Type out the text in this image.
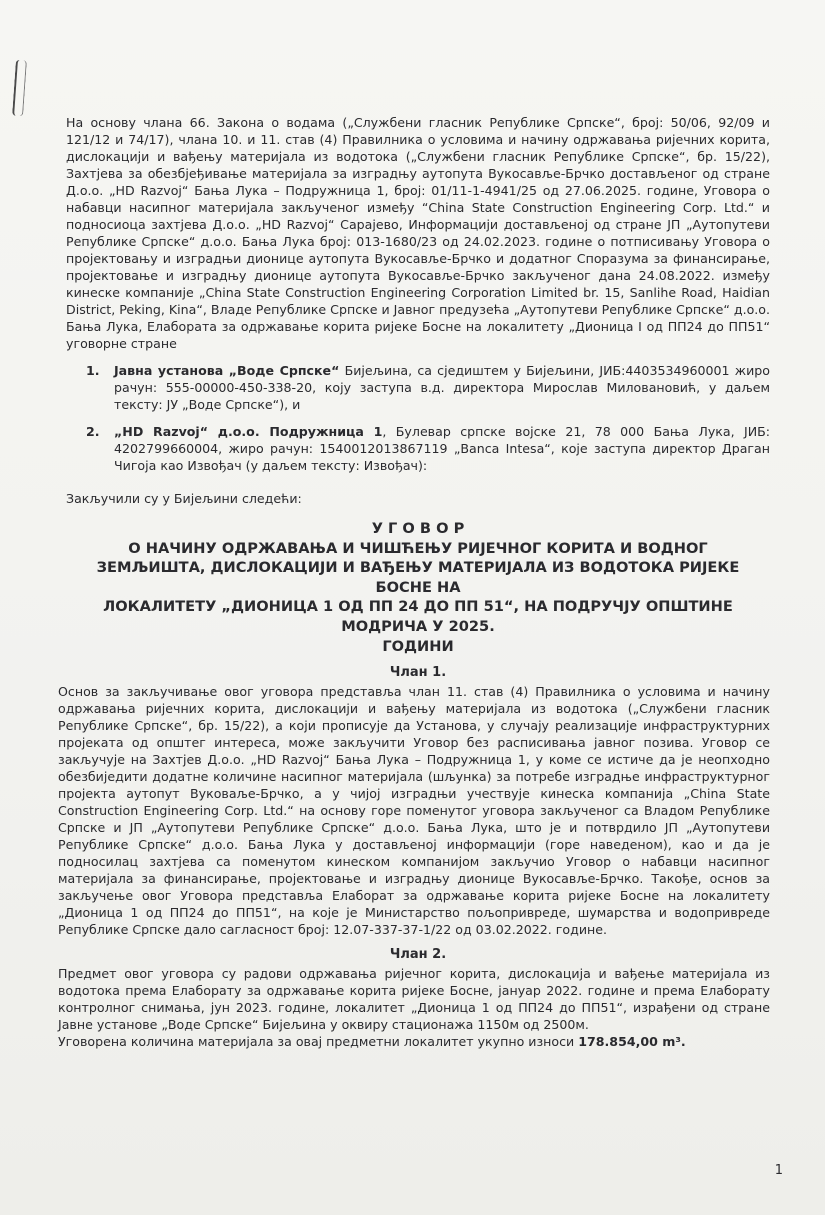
На основу члана 66. Закона о водама („Службени гласник Републике Српске“, број: 50/06, 92/09 и 121/12 и 74/17), члана 10. и 11. став (4) Правилника о условима и начину одржавања ријечних корита, дислокацији и вађењу материјала из водотока („Службени гласник Републике Српске“, бр. 15/22), Захтјева за обезбјеђивање материјала за изградњу аутопута Вукосавље-Брчко достављеног од стране Д.о.о. „HD Razvoj“ Бања Лука – Подружница 1, број: 01/11-1-4941/25 од 27.06.2025. године, Уговора о набавци насипног материјала закљученог између “China State Construction Engineering Corp. Ltd.“ и подносиоца захтјева Д.о.о. „HD Razvoj“ Сарајево, Информацији достављеној од стране ЈП „Аутопутеви Републике Српске“ д.о.о. Бања Лука број: 013-1680/23 од 24.02.2023. године о потписивању Уговора о пројектовању и изградњи дионице аутопута Вукосавље-Брчко и додатног Споразума за финансирање, пројектовање и изградњу дионице аутопута Вукосавље-Брчко закљученог дана 24.08.2022. између кинеске компаније „China State Construction Engineering Corporation Limited br. 15, Sanlihe Road, Haidian District, Peking, Kina“, Владе Републике Српске и Јавног предузећа „Аутопутеви Републике Српске“ д.о.о. Бања Лука, Елабората за одржавање корита ријеке Босне на локалитету „Дионица I од ПП24 до ПП51“ уговорне стране

1.	Јавна установа „Воде Српске“ Бијељина, са сједиштем у Бијељини, ЈИБ:4403534960001 жиро рачун: 555-00000-450-338-20, коју заступа в.д. директора Мирослав Миловановић, у даљем тексту: ЈУ „Воде Српске“), и
2.	„HD Razvoj“ д.о.о. Подружница 1, Булевар српске војске 21, 78 000 Бања Лука, ЈИБ: 4202799660004, жиро рачун: 1540012013867119 „Banca Intesa“, које заступа директор Драган Чигоја као Извођач (у даљем тексту: Извођач):

Закључили су у Бијељини следећи:

У Г О В О Р
О НАЧИНУ ОДРЖАВАЊА И ЧИШЋЕЊУ РИЈЕЧНОГ КОРИТА И ВОДНОГ
ЗЕМЉИШТА, ДИСЛОКАЦИЈИ И ВАЂЕЊУ МАТЕРИЈАЛА ИЗ ВОДОТОКА РИЈЕКЕ БОСНЕ НА
ЛОКАЛИТЕТУ „ДИОНИЦА 1 ОД ПП 24 ДО ПП 51“, НА ПОДРУЧЈУ ОПШТИНЕ МОДРИЧА У 2025.
ГОДИНИ
Члан 1.

Основ за закључивање овог уговора представља члан 11. став (4) Правилника о условима и начину одржавања ријечних корита, дислокацији и вађењу материјала из водотока („Службени гласник Републике Српске“, бр. 15/22), а који прописује да Установа, у случају реализације инфраструктурних пројеката од општег интереса, може закључити Уговор без расписивања јавног позива. Уговор се закључује на Захтјев Д.о.о. „HD Razvoj“ Бања Лука – Подружница 1, у коме се истиче да је неопходно обезбиједити додатне количине насипног материјала (шљунка) за потребе изградње инфраструктурног пројекта аутопут Вуковаље-Брчко, а у чијој изградњи учествује кинеска компанија „China State Construction Engineering Corp. Ltd.“ на основу горе поменутог уговора закљученог са Владом Републике Српске и ЈП „Аутопутеви Републике Српске“ д.о.о. Бања Лука, што је и потврдило ЈП „Аутопутеви Републике Српске“ д.о.о. Бања Лука у достављеној информацији (горе наведеном), као и да је подносилац захтјева са поменутом кинеском компанијом закључио Уговор о набавци насипног материјала за финансирање, пројектовање и изградњу дионице Вукосавље-Брчко. Такође, основ за закључење овог Уговора представља Елаборат за одржавање корита ријеке Босне на локалитету „Дионица 1 од ПП24 до ПП51“, на које је Министарство пољопривреде, шумарства и водопривреде Републике Српске дало сагласност број: 12.07-337-37-1/22 од 03.02.2022. године.

Члан 2.

Предмет овог уговора су радови одржавања ријечног корита, дислокација и вађење материјала из водотока према Елаборату за одржавање корита ријеке Босне, јануар 2022. године и према Елаборату контролног снимања, јун 2023. године, локалитет „Дионица 1 од ПП24 до ПП51“, израђени од стране Јавне установе „Воде Српске“ Бијељина у оквиру стационажа 1150м од 2500м.
Уговорена количина материјала за овај предметни локалитет укупно износи 178.854,00 m³.

1
